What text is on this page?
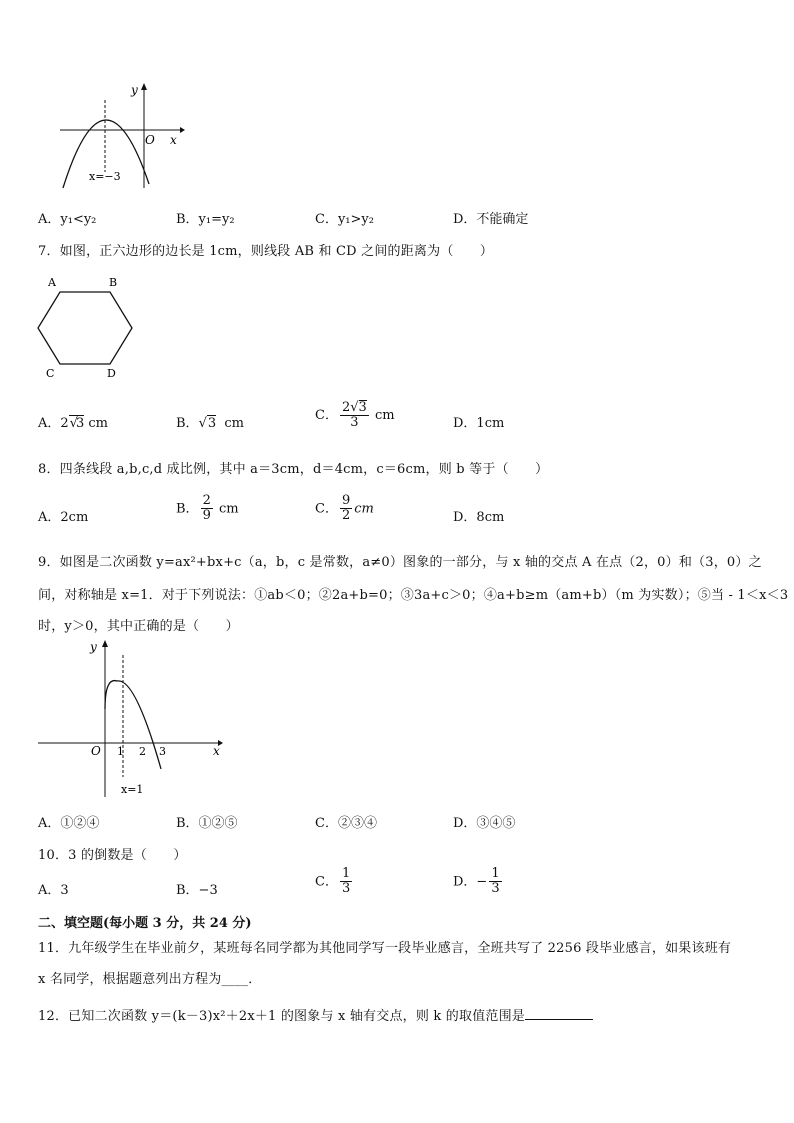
y
O x
x=−3
A．y₁<y₂	B．y₁=y₂	C．y₁>y₂	D．不能确定
7．如图，正六边形的边长是 1cm，则线段 AB 和 CD 之间的距离为（　　）
A	B
C	D
A．2√3 cm	B．√3 cm
C． $\frac{2√3}{3}$ cm
D．1cm
8．四条线段 a,b,c,d 成比例，其中 a＝3cm，d＝4cm，c＝6cm，则 b 等于（　　）
A．2cm
B． $\frac{2}{9}$ cm	C． $\frac{9}{2}$ cm
D．8cm
9．如图是二次函数 y=ax²+bx+c（a，b，c 是常数，a≠0）图象的一部分，与 x 轴的交点 A 在点（2，0）和（3，0）之
间，对称轴是 x=1．对于下列说法：①ab＜0；②2a+b=0；③3a+c＞0；④a+b≥m（am+b）（m 为实数）；⑤当 - 1＜x＜3
时，y＞0，其中正确的是（　　）
y
O	x
1 2 3
x=1
A．①②④	B．①②⑤	C．②③④	D．③④⑤
10．3 的倒数是（　　）
A．3	B．−3
C． $\frac{1}{3}$	D．− $\frac{1}{3}$
二、填空题(每小题 3 分，共 24 分)
11．九年级学生在毕业前夕，某班每名同学都为其他同学写一段毕业感言，全班共写了 2256 段毕业感言，如果该班有
x 名同学，根据题意列出方程为____．
12．已知二次函数 y＝(k－3)x²＋2x＋1 的图象与 x 轴有交点，则 k 的取值范围是
